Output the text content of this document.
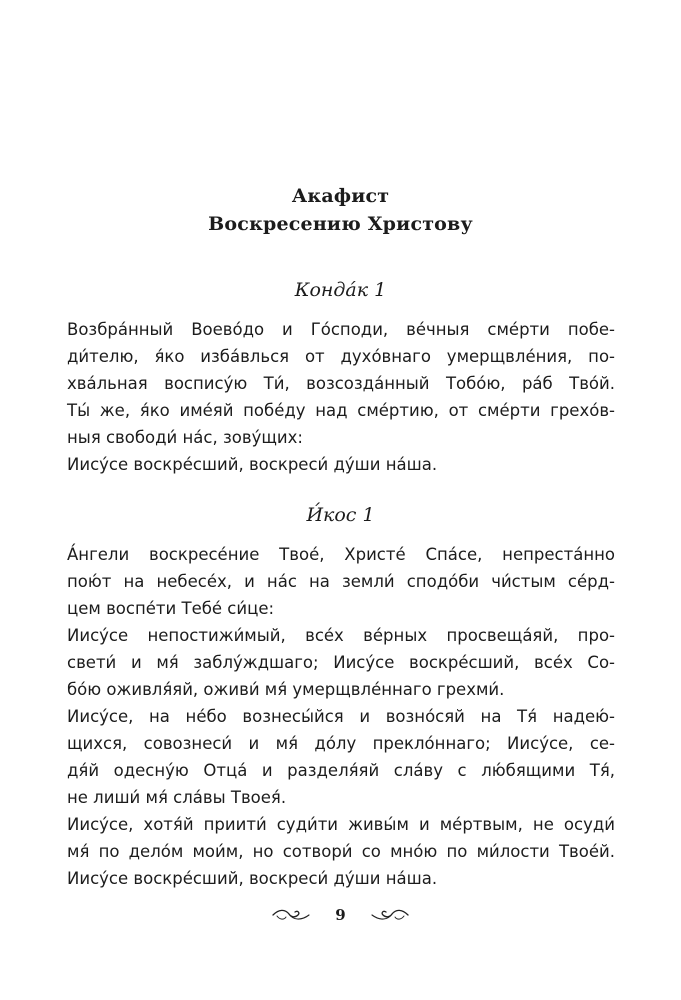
Акафист
Воскресению Христову
Конда́к 1
Возбра́нный Воево́до и Го́споди, ве́чныя сме́рти побе-
ди́телю, я́ко изба́влься от духо́внаго умерщвле́ния, по-
хва́льная воспису́ю Ти́, возсозда́нный Тобо́ю, ра́б Тво́й.
Ты́ же, я́ко име́яй побе́ду над сме́ртию, от сме́рти грехо́в-
ныя свободи́ на́с, зову́щих:
Иису́се воскре́сший, воскреси́ ду́ши на́ша.
И́кос 1
А́нгели воскресе́ние Твое́, Христе́ Спа́се, непреста́нно
пою́т на небесе́х, и на́с на земли́ сподо́би чи́стым се́рд-
цем воспе́ти Тебе́ си́це:
Иису́се непостижи́мый, все́х ве́рных просвеща́яй, про-
свети́ и мя́ заблу́ждшаго; Иису́се воскре́сший, все́х Со-
бо́ю оживля́яй, оживи́ мя́ умерщвле́ннаго грехми́.
Иису́се, на не́бо вознесы́йся и возно́сяй на Тя́ надею́-
щихся, совознеси́ и мя́ до́лу прекло́ннаго; Иису́се, се-
дя́й одесну́ю Отца́ и разделя́яй сла́ву с лю́бящими Тя́,
не лиши́ мя́ сла́вы Твоея́.
Иису́се, хотя́й приити́ суди́ти живы́м и ме́ртвым, не осуди́
мя́ по дело́м мои́м, но сотвори́ со мно́ю по ми́лости Твое́й.
Иису́се воскре́сший, воскреси́ ду́ши на́ша.
9
